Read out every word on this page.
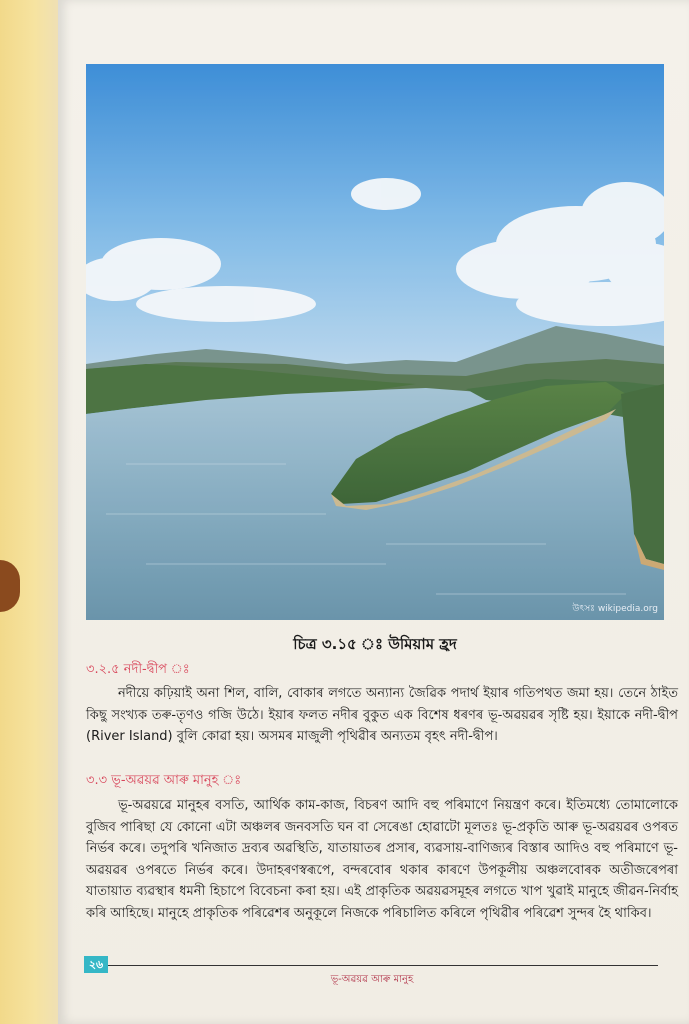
উৎসঃ wikipedia.org
চিত্ৰ ৩.১৫ ঃ উমিয়াম হ্ৰদ
৩.২.৫ নদী-দ্বীপ ঃ

নদীয়ে কঢ়িয়াই অনা শিল, বালি, বোকাৰ লগতে অন্যান্য জৈৱিক পদাৰ্থ ইয়াৰ গতিপথত জমা হয়। তেনে ঠাইত কিছু সংখ্যক তৰু-তৃণও গজি উঠে। ইয়াৰ ফলত নদীৰ বুকুত এক বিশেষ ধৰণৰ ভূ-অৱয়ৱৰ সৃষ্টি হয়। ইয়াকে নদী-দ্বীপ (River Island) বুলি কোৱা হয়। অসমৰ মাজুলী পৃথিৱীৰ অন্যতম বৃহৎ নদী-দ্বীপ।

৩.৩ ভূ-অৱয়ৱ আৰু মানুহ ঃ

ভূ-অৱয়ৱে মানুহৰ বসতি, আৰ্থিক কাম-কাজ, বিচৰণ আদি বহু পৰিমাণে নিয়ন্ত্ৰণ কৰে। ইতিমধ্যে তোমালোকে বুজিব পাৰিছা যে কোনো এটা অঞ্চলৰ জনবসতি ঘন বা সেৰেঙা হোৱাটো মূলতঃ ভূ-প্ৰকৃতি আৰু ভূ-অৱয়ৱৰ ওপৰত নিৰ্ভৰ কৰে। তদুপৰি খনিজাত দ্ৰব্যৰ অৱস্থিতি, যাতায়াতৰ প্ৰসাৰ, ব্যৱসায়-বাণিজ্যৰ বিস্তাৰ আদিও বহু পৰিমাণে ভূ-অৱয়ৱৰ ওপৰতে নিৰ্ভৰ কৰে। উদাহৰণস্বৰূপে, বন্দৰবোৰ থকাৰ কাৰণে উপকূলীয় অঞ্চলবোৰক অতীজৰেপৰা যাতায়াত ব্যৱস্থাৰ ধমনী হিচাপে বিবেচনা কৰা হয়। এই প্ৰাকৃতিক অৱয়ৱসমূহৰ লগতে খাপ খুৱাই মানুহে জীৱন-নিৰ্বাহ কৰি আহিছে। মানুহে প্ৰাকৃতিক পৰিৱেশৰ অনুকূলে নিজকে পৰিচালিত কৰিলে পৃথিৱীৰ পৰিৱেশ সুন্দৰ হৈ থাকিব।

২৬
ভূ-অৱয়ৱ আৰু মানুহ
